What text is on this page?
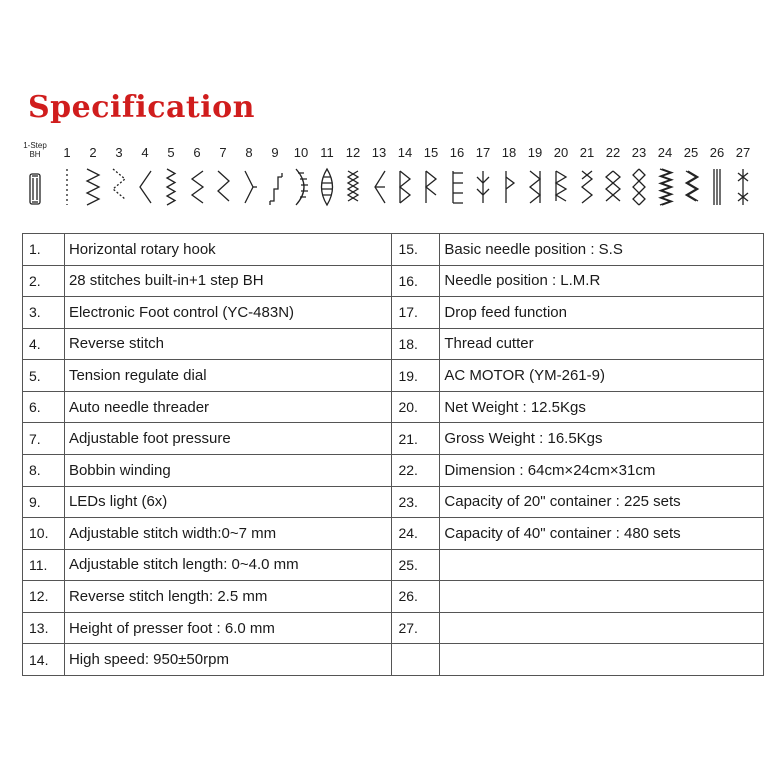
Specification
1-Step BH	1	2	3	4	5	6	7	8	9	10 11 12 13 14 15 16 17 18 19 20 21 22 23 24 25 26 27
1.	Horizontal rotary hook	15.	Basic needle position : S.S
2.	28 stitches built-in+1 step BH	16.	Needle position : L.M.R
3.	Electronic Foot control (YC-483N)	17.	Drop feed function
4.	Reverse stitch	18.	Thread cutter
5.	Tension regulate dial	19.	AC MOTOR (YM-261-9)
6.	Auto needle threader	20.	Net Weight : 12.5Kgs
7.	Adjustable foot pressure	21.	Gross Weight : 16.5Kgs
8.	Bobbin winding	22.	Dimension : 64cm×24cm×31cm
9.	LEDs light (6x)	23.	Capacity of 20" container : 225 sets
10.	Adjustable stitch width:0~7 mm	24.	Capacity of 40" container : 480 sets
11.	Adjustable stitch length: 0~4.0 mm	25.	
12.	Reverse stitch length: 2.5 mm	26.	
13.	Height of presser foot : 6.0 mm	27.	
14.	High speed: 950±50rpm		
